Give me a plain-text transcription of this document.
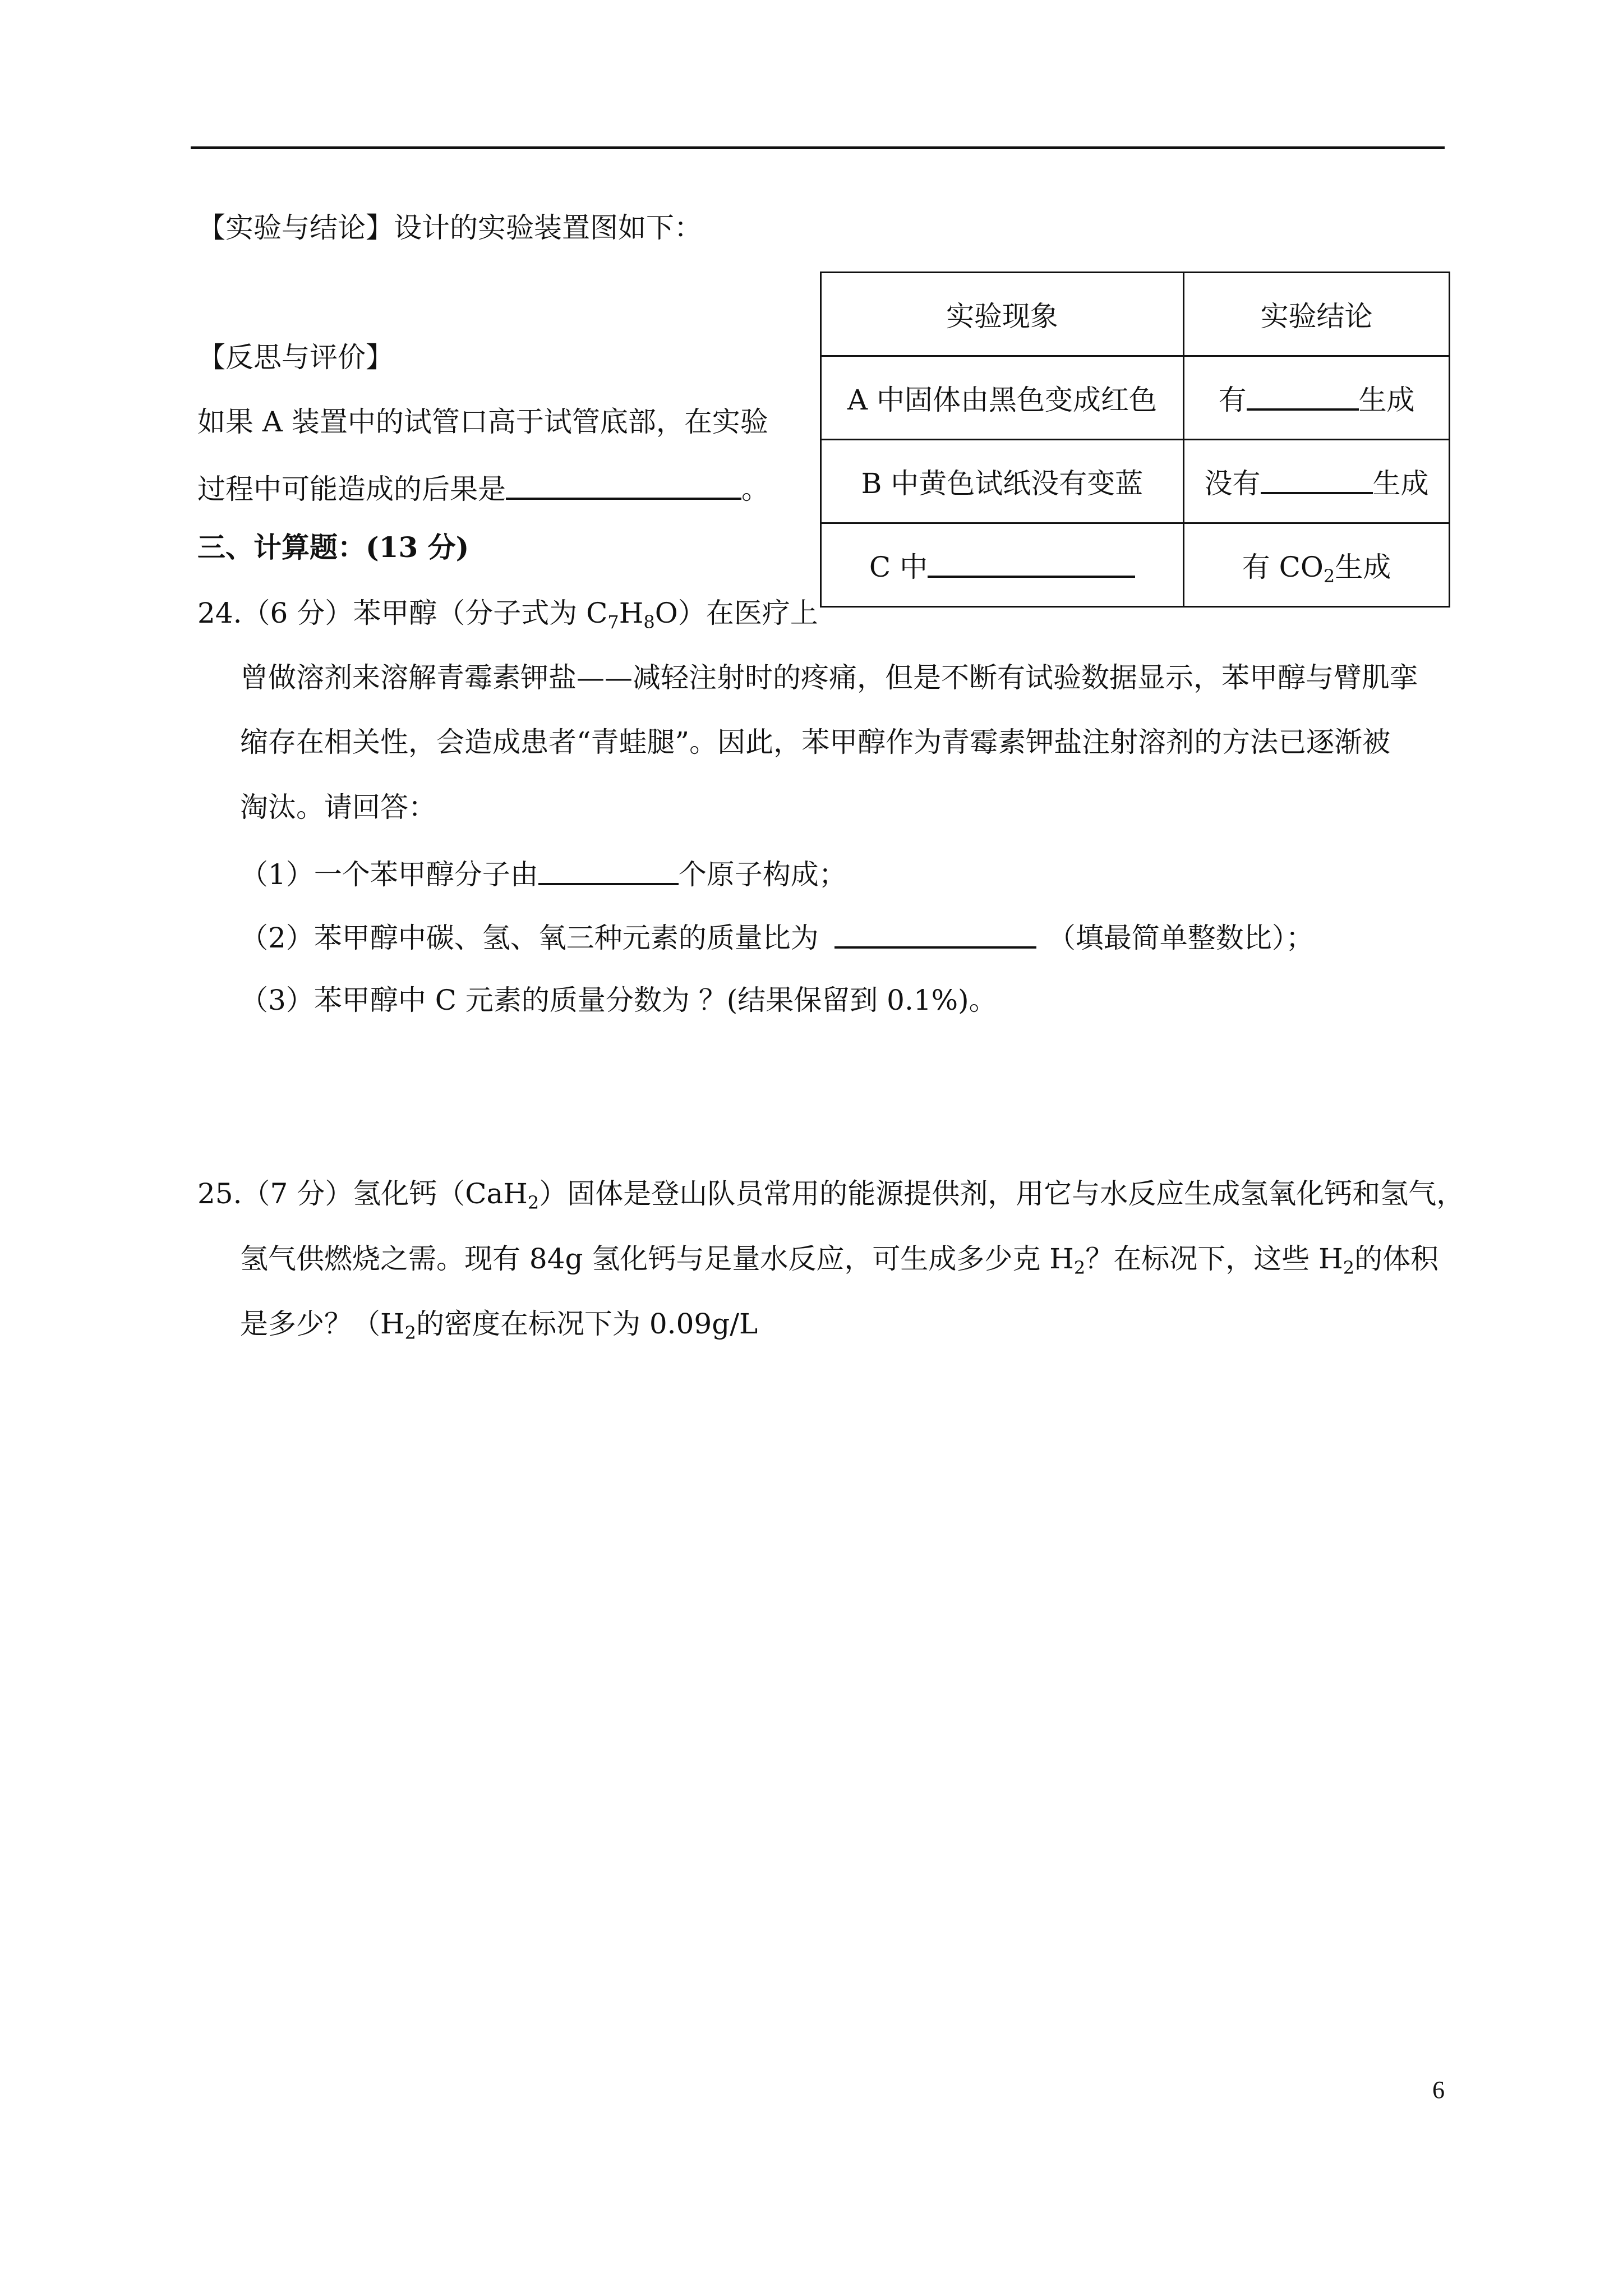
【实验与结论】设计的实验装置图如下：
【反思与评价】
如果 A 装置中的试管口高于试管底部，在实验
过程中可能造成的后果是	。
三、计算题：(13 分)
实验现象	实验结论
A 中固体由黑色变成红色	有 生成
B 中黄色试纸没有变蓝	没有 生成
C 中	有 $CO_2$生成
24.（6 分）苯甲醇（分子式为 $C_7H_8O$）在医疗上
曾做溶剂来溶解青霉素钾盐——减轻注射时的疼痛，但是不断有试验数据显示，苯甲醇与臂肌挛
缩存在相关性，会造成患者“青蛙腿”。因此，苯甲醇作为青霉素钾盐注射溶剂的方法已逐渐被
淘汰。请回答：
（1）一个苯甲醇分子由	个原子构成；
（2）苯甲醇中碳、氢、氧三种元素的质量比为	（填最简单整数比）；
（3）苯甲醇中 C 元素的质量分数为 ？(结果保留到 0.1%)。
25.（7 分）氢化钙（CaH$_2$）固体是登山队员常用的能源提供剂，用它与水反应生成氢氧化钙和氢气，
氢气供燃烧之需。现有 84g 氢化钙与足量水反应，可生成多少克 $H_2$？在标况下，这些 $H_2$的体积
是多少？（$H_2$的密度在标况下为 0.09g/L
6
